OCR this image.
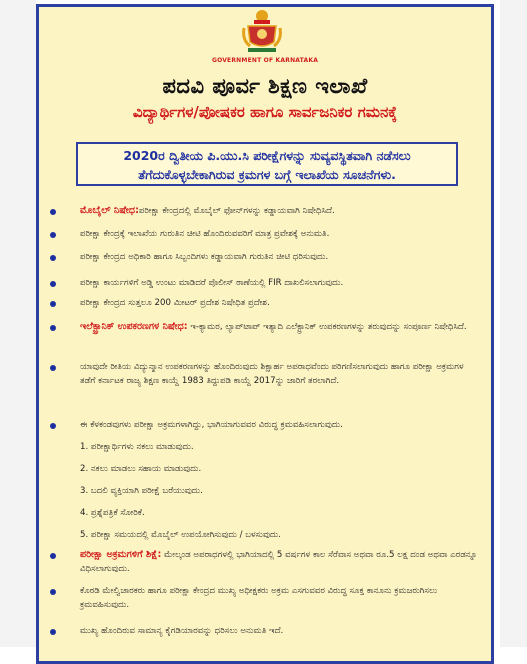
GOVERNMENT OF KARNATAKA
ಪದವಿ ಪೂರ್ವ ಶಿಕ್ಷಣ ಇಲಾಖೆ
ವಿದ್ಯಾರ್ಥಿಗಳ/ಪೋಷಕರ ಹಾಗೂ ಸಾರ್ವಜನಿಕರ ಗಮನಕ್ಕೆ
2020ರ ದ್ವಿತೀಯ ಪಿ.ಯು.ಸಿ ಪರೀಕ್ಷೆಗಳನ್ನು ಸುವ್ಯವಸ್ಥಿತವಾಗಿ ನಡೆಸಲು
ತೆಗೆದುಕೊಳ್ಳಬೇಕಾಗಿರುವ ಕ್ರಮಗಳ ಬಗ್ಗೆ ಇಲಾಖೆಯ ಸೂಚನೆಗಳು.
ಮೊಬೈಲ್ ನಿಷೇಧ:ಪರೀಕ್ಷಾ ಕೇಂದ್ರದಲ್ಲಿ ಮೊಬೈಲ್ ಫೋನ್‌ಗಳನ್ನು ಕಡ್ಡಾಯವಾಗಿ ನಿಷೇಧಿಸಿದೆ.
ಪರೀಕ್ಷಾ ಕೇಂದ್ರಕ್ಕೆ ಇಲಾಖೆಯ ಗುರುತಿನ ಚೀಟಿ ಹೊಂದಿರುವವರಿಗೆ ಮಾತ್ರ ಪ್ರವೇಶಕ್ಕೆ ಅನುಮತಿ.
ಪರೀಕ್ಷಾ ಕೇಂದ್ರದ ಅಧಿಕಾರಿ ಹಾಗೂ ಸಿಬ್ಬಂದಿಗಳು ಕಡ್ಡಾಯವಾಗಿ ಗುರುತಿನ ಚೀಟಿ ಧರಿಸುವುದು.
ಪರೀಕ್ಷಾ ಕಾರ್ಯಗಳಿಗೆ ಅಡ್ಡಿ ಉಂಟು ಮಾಡಿದರೆ ಪೊಲೀಸ್ ಠಾಣೆಯಲ್ಲಿ FIR ದಾಖಲಿಸಲಾಗುವುದು.
ಪರೀಕ್ಷಾ ಕೇಂದ್ರದ ಸುತ್ತಲೂ 200 ಮೀಟರ್ ಪ್ರದೇಶ ನಿಷೇಧಿತ ಪ್ರದೇಶ.
ಇಲೆಕ್ಟ್ರಾನಿಕ್ ಉಪಕರಣಗಳ ನಿಷೇಧ: ಇ-ಕ್ಯಾಮರ, ಲ್ಯಾಪ್‌ಟಾಪ್ ಇತ್ಯಾದಿ ಎಲೆಕ್ಟ್ರಾನಿಕ್ ಉಪಕರಣಗಳನ್ನು ತರುವುದನ್ನು ಸಂಪೂರ್ಣ ನಿಷೇಧಿಸಿದೆ.
ಯಾವುದೇ ರೀತಿಯ ವಿದ್ಯುನ್ಮಾನ ಉಪಕರಣಗಳನ್ನು ಹೊಂದಿರುವುದು ಶಿಕ್ಷಾರ್ಹ ಅಪರಾಧವೆಂದು ಪರಿಗಣಿಸಲಾಗುವುದು ಹಾಗೂ ಪರೀಕ್ಷಾ ಅಕ್ರಮಗಳ ತಡೆಗೆ ಕರ್ನಾಟಕ ರಾಜ್ಯ ಶಿಕ್ಷಣ ಕಾಯ್ದೆ 1983 ತಿದ್ದುಪಡಿ ಕಾಯ್ದೆ 2017ನ್ನು ಜಾರಿಗೆ ತರಲಾಗಿದೆ.
ಈ ಕೆಳಕಂಡವುಗಳು ಪರೀಕ್ಷಾ ಅಕ್ರಮಗಳಾಗಿದ್ದು, ಭಾಗಿಯಾಗುವವರ ವಿರುದ್ಧ ಕ್ರಮವಹಿಸಲಾಗುವುದು.
1. ಪರೀಕ್ಷಾರ್ಥಿಗಳು ನಕಲು ಮಾಡುವುದು.
2. ನಕಲು ಮಾಡಲು ಸಹಾಯ ಮಾಡುವುದು.
3. ಬದಲಿ ವ್ಯಕ್ತಿಯಾಗಿ ಪರೀಕ್ಷೆ ಬರೆಯುವುದು.
4. ಪ್ರಶ್ನೆಪತ್ರಿಕೆ ಸೋರಿಕೆ.
5. ಪರೀಕ್ಷಾ ಸಮಯದಲ್ಲಿ ಮೊಬೈಲ್ ಉಪಯೋಗಿಸುವುದು / ಬಳಸುವುದು.
ಪರೀಕ್ಷಾ ಅಕ್ರಮಗಳಿಗೆ ಶಿಕ್ಷೆ: ಮೇಲ್ಕಂಡ ಅಪರಾಧಗಳಲ್ಲಿ ಭಾಗಿಯಾದಲ್ಲಿ 5 ವರ್ಷಗಳ ಕಾಲ ಸೆರೆವಾಸ ಅಥವಾ ರೂ.5 ಲಕ್ಷ ದಂಡ ಅಥವಾ ಎರಡನ್ನೂ ವಿಧಿಸಲಾಗುವುದು.
ಕೊಠಡಿ ಮೇಲ್ವಿಚಾರಕರು ಹಾಗೂ ಪರೀಕ್ಷಾ ಕೇಂದ್ರದ ಮುಖ್ಯ ಅಧೀಕ್ಷಕರು ಅಕ್ರಮ ಎಸಗುವವರ ವಿರುದ್ಧ ಸೂಕ್ತ ಕಾನೂನು ಕ್ರಮಜರುಗಿಸಲು ಕ್ರಮವಹಿಸುವುದು.
ಮುಖ್ಯ ಹೊಂದಿರುವ ಸಾಮಾನ್ಯ ಕೈಗಡಿಯಾರವನ್ನು ಧರಿಸಲು ಅನುಮತಿ ಇದೆ.
